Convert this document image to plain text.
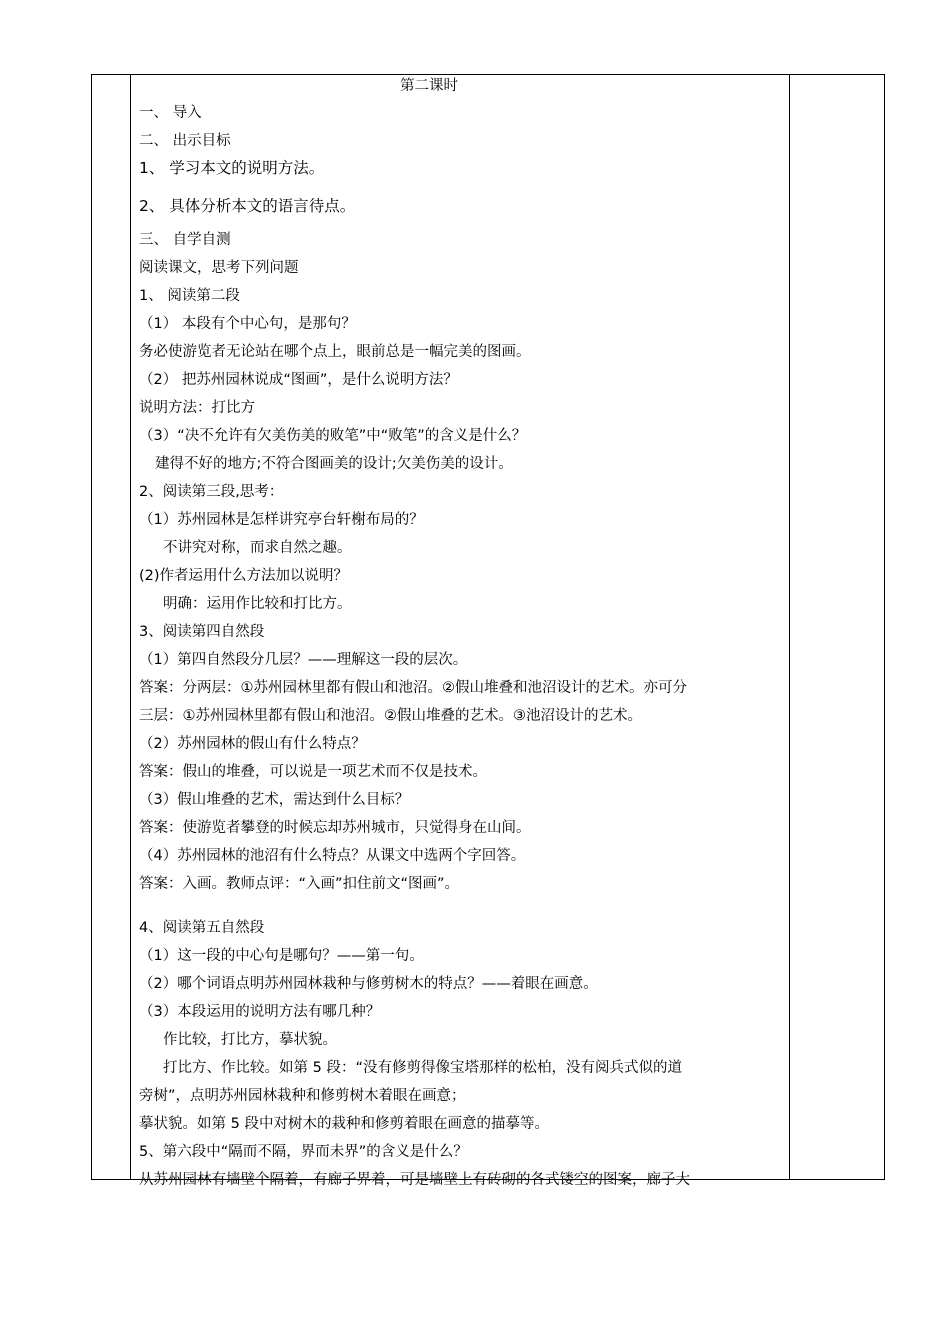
第二课时
一、 导入
二、 出示目标
1、 学习本文的说明方法。
2、 具体分析本文的语言待点。
三、 自学自测
阅读课文，思考下列问题
1、 阅读第二段
（1） 本段有个中心句，是那句？
务必使游览者无论站在哪个点上，眼前总是一幅完美的图画。
（2） 把苏州园林说成“图画”，是什么说明方法？
说明方法：打比方
（3）“决不允许有欠美伤美的败笔”中“败笔”的含义是什么？
建得不好的地方;不符合图画美的设计;欠美伤美的设计。
2、阅读第三段,思考：
（1）苏州园林是怎样讲究亭台轩榭布局的？
不讲究对称，而求自然之趣。
(2)作者运用什么方法加以说明？
明确：运用作比较和打比方。
3、阅读第四自然段
（1）第四自然段分几层？——理解这一段的层次。
答案：分两层：①苏州园林里都有假山和池沼。②假山堆叠和池沼设计的艺术。亦可分
三层：①苏州园林里都有假山和池沼。②假山堆叠的艺术。③池沼设计的艺术。
（2）苏州园林的假山有什么特点？
答案：假山的堆叠，可以说是一项艺术而不仅是技术。
（3）假山堆叠的艺术，需达到什么目标？
答案：使游览者攀登的时候忘却苏州城市，只觉得身在山间。
（4）苏州园林的池沼有什么特点？从课文中选两个字回答。
答案：入画。教师点评：“入画”扣住前文“图画”。
4、阅读第五自然段
（1）这一段的中心句是哪句？——第一句。
（2）哪个词语点明苏州园林栽种与修剪树木的特点？——着眼在画意。
（3）本段运用的说明方法有哪几种？
作比较，打比方，摹状貌。
打比方、作比较。如第 5 段：“没有修剪得像宝塔那样的松柏，没有阅兵式似的道
旁树”，点明苏州园林栽种和修剪树木着眼在画意；
摹状貌。如第 5 段中对树木的栽种和修剪着眼在画意的描摹等。
5、第六段中“隔而不隔，界而未界”的含义是什么？
从苏州园林有墙壁个隔着，有廊子界着，可是墙壁上有砖砌的各式镂空的图案，廊子大
